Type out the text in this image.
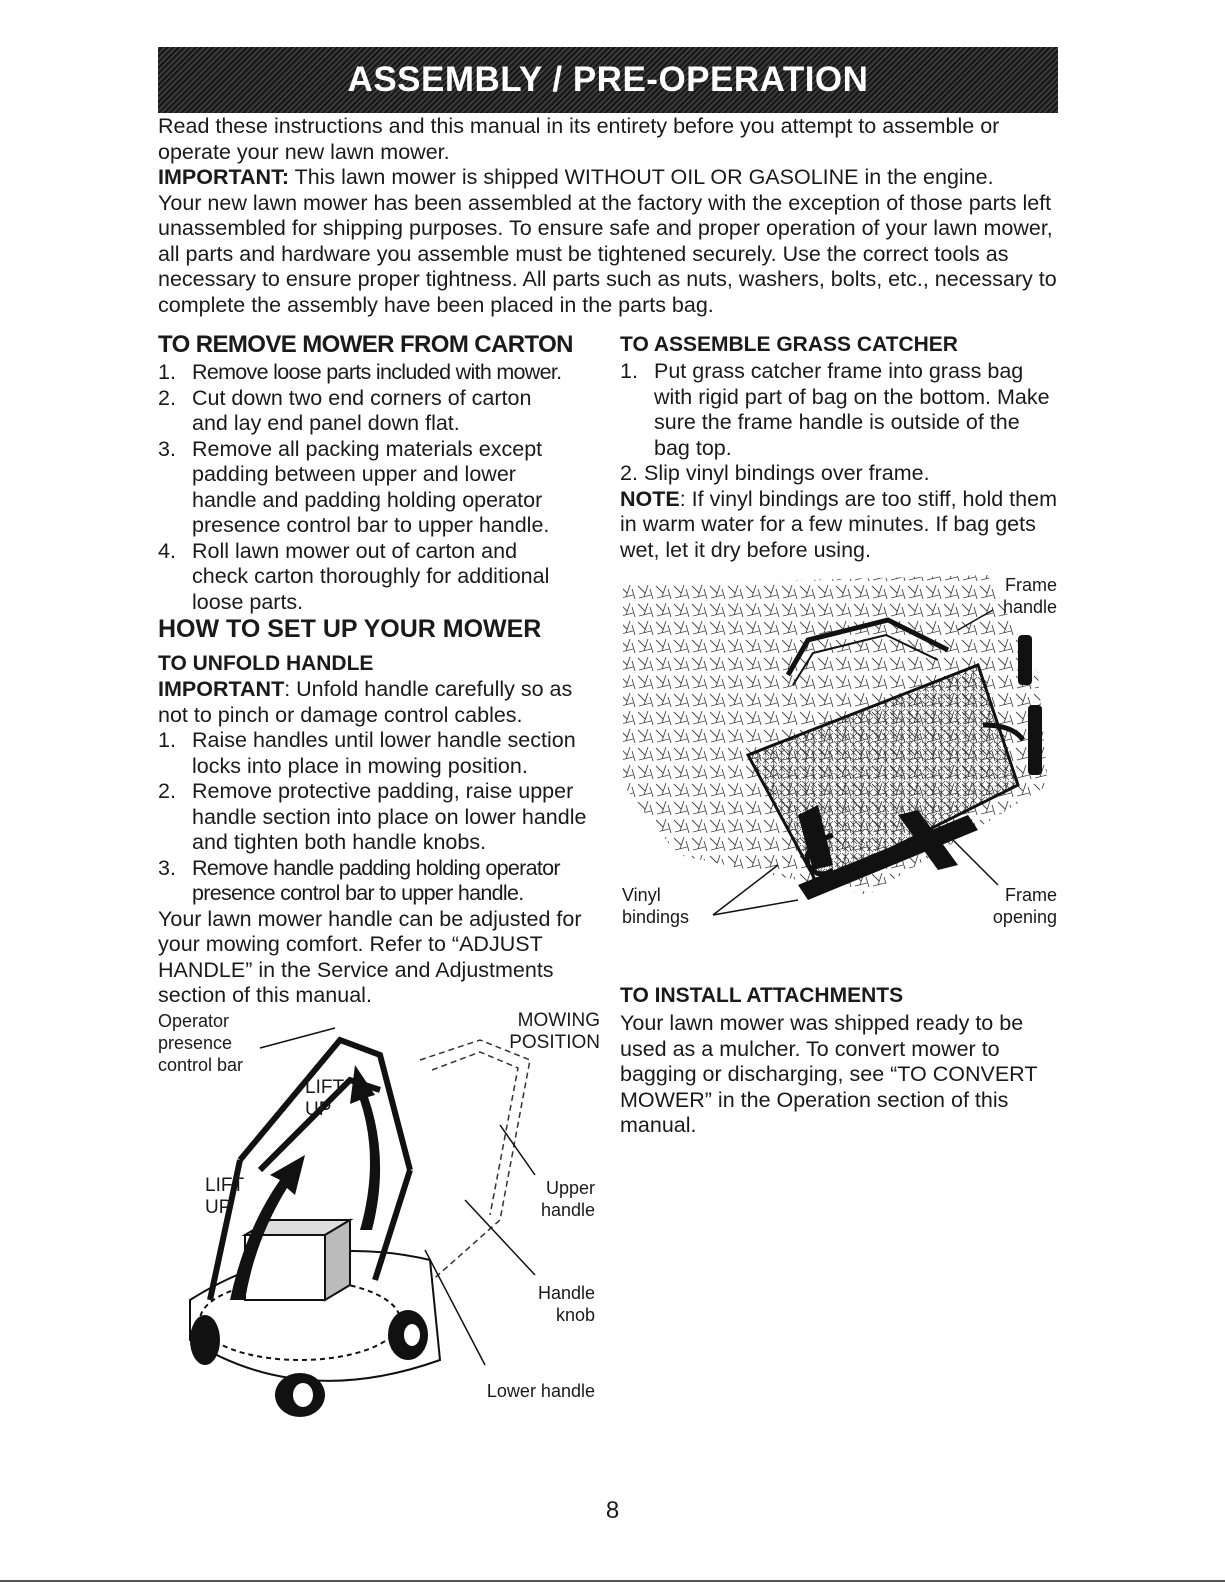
ASSEMBLY / PRE-OPERATION

Read these instructions and this manual in its entirety before you attempt to assemble or operate your new lawn mower.

IMPORTANT: This lawn mower is shipped WITHOUT OIL OR GASOLINE in the engine.

Your new lawn mower has been assembled at the factory with the exception of those parts left unassembled for shipping purposes. To ensure safe and proper operation of your lawn mower, all parts and hardware you assemble must be tightened securely. Use the correct tools as necessary to ensure proper tightness. All parts such as nuts, washers, bolts, etc., necessary to complete the assembly have been placed in the parts bag.

TO REMOVE MOWER FROM CARTON
1. Remove loose parts included with mower.
2. Cut down two end corners of carton and lay end panel down flat.
3. Remove all packing materials except padding between upper and lower handle and padding holding operator presence control bar to upper handle.
4. Roll lawn mower out of carton and check carton thoroughly for additional loose parts.
HOW TO SET UP YOUR MOWER
TO UNFOLD HANDLE

IMPORTANT: Unfold handle carefully so as not to pinch or damage control cables.

1. Raise handles until lower handle section locks into place in mowing position.
2. Remove protective padding, raise upper handle section into place on lower handle and tighten both handle knobs.
3. Remove handle padding holding operator presence control bar to upper handle.

Your lawn mower handle can be adjusted for your mowing comfort. Refer to “ADJUST HANDLE” in the Service and Adjustments section of this manual.

Operator presence control bar
MOWING POSITION
LIFT UP
LIFT UP
Upper handle
Handle knob
Lower handle
TO ASSEMBLE GRASS CATCHER
1. Put grass catcher frame into grass bag with rigid part of bag on the bottom. Make sure the frame handle is outside of the bag top.
2. Slip vinyl bindings over frame.

NOTE: If vinyl bindings are too stiff, hold them in warm water for a few minutes. If bag gets wet, let it dry before using.

Frame handle
Vinyl bindings
Frame opening
TO INSTALL ATTACHMENTS

Your lawn mower was shipped ready to be used as a mulcher. To convert mower to bagging or discharging, see “TO CONVERT MOWER” in the Operation section of this manual.

8
